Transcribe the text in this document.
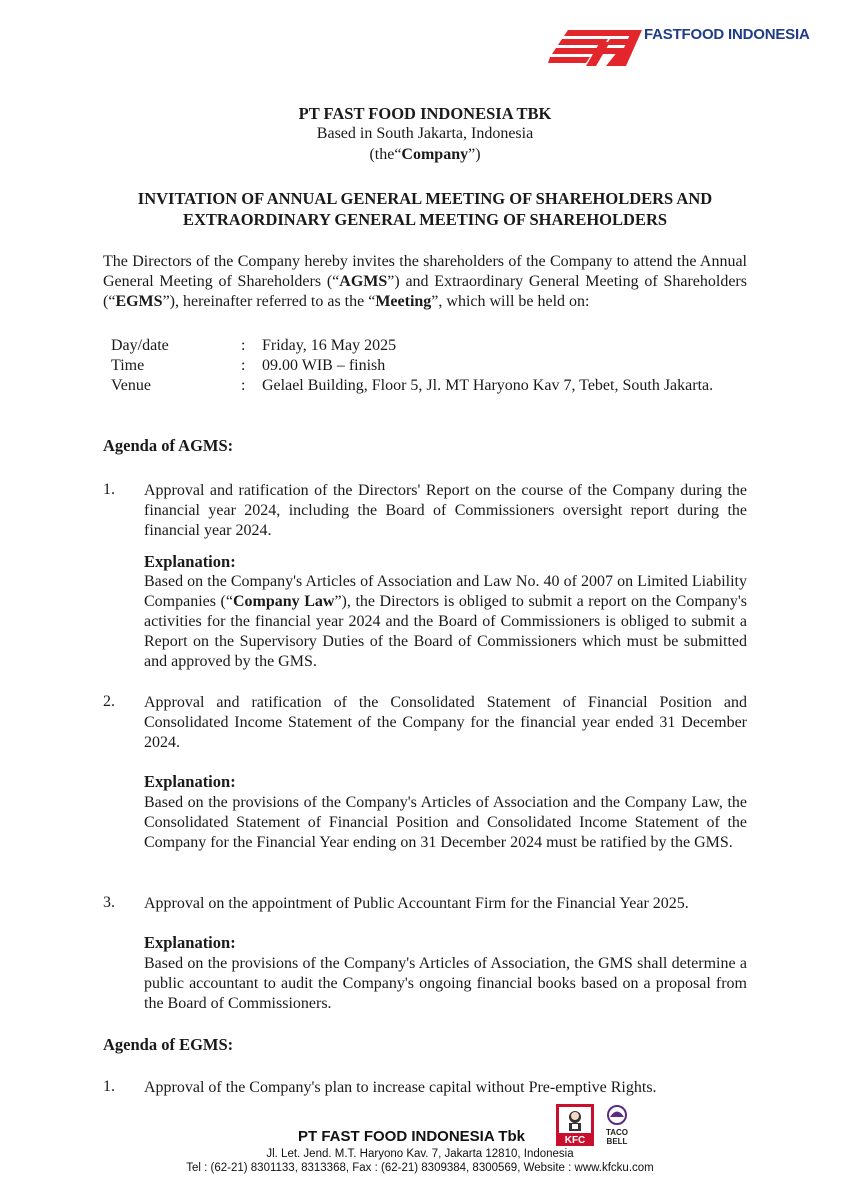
FASTFOOD INDONESIA
PT FAST FOOD INDONESIA TBK
Based in South Jakarta, Indonesia
(the“Company”)
INVITATION OF ANNUAL GENERAL MEETING OF SHAREHOLDERS AND
EXTRAORDINARY GENERAL MEETING OF SHAREHOLDERS
The Directors of the Company hereby invites the shareholders of the Company to attend the Annual General Meeting of Shareholders (“AGMS”) and Extraordinary General Meeting of Shareholders (“EGMS”), hereinafter referred to as the “Meeting”, which will be held on:
Day/date	:	Friday, 16 May 2025
Time	:	09.00 WIB – finish
Venue	:	Gelael Building, Floor 5, Jl. MT Haryono Kav 7, Tebet, South Jakarta.
Agenda of AGMS:
1. Approval and ratification of the Directors' Report on the course of the Company during the financial year 2024, including the Board of Commissioners oversight report during the financial year 2024.
Explanation:
Based on the Company's Articles of Association and Law No. 40 of 2007 on Limited Liability Companies (“Company Law”), the Directors is obliged to submit a report on the Company's activities for the financial year 2024 and the Board of Commissioners is obliged to submit a Report on the Supervisory Duties of the Board of Commissioners which must be submitted and approved by the GMS.
2. Approval and ratification of the Consolidated Statement of Financial Position and Consolidated Income Statement of the Company for the financial year ended 31 December 2024.
Explanation:
Based on the provisions of the Company's Articles of Association and the Company Law, the Consolidated Statement of Financial Position and Consolidated Income Statement of the Company for the Financial Year ending on 31 December 2024 must be ratified by the GMS.
3. Approval on the appointment of Public Accountant Firm for the Financial Year 2025.
Explanation:
Based on the provisions of the Company's Articles of Association, the GMS shall determine a public accountant to audit the Company's ongoing financial books based on a proposal from the Board of Commissioners.
Agenda of EGMS:
1. Approval of the Company's plan to increase capital without Pre-emptive Rights.
KFC
TACO
BELL
PT FAST FOOD INDONESIA Tbk
Jl. Let. Jend. M.T. Haryono Kav. 7, Jakarta 12810, Indonesia
Tel : (62-21) 8301133, 8313368, Fax : (62-21) 8309384, 8300569, Website : www.kfcku.com
